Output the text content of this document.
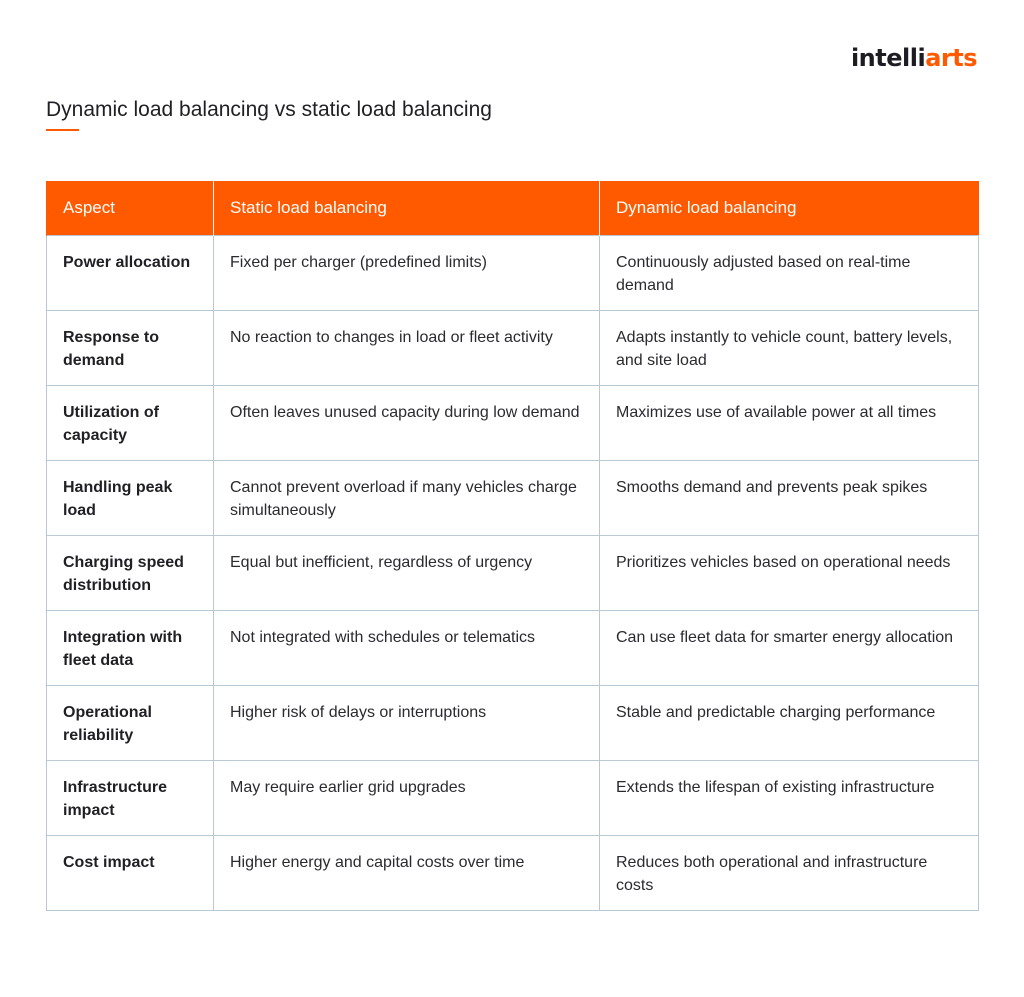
intelliarts
Dynamic load balancing vs static load balancing
Aspect	Static load balancing	Dynamic load balancing
Power allocation	Fixed per charger (predefined limits)	Continuously adjusted based on real-time demand
Response to demand	No reaction to changes in load or fleet activity	Adapts instantly to vehicle count, battery levels, and site load
Utilization of capacity	Often leaves unused capacity during low demand	Maximizes use of available power at all times
Handling peak load	Cannot prevent overload if many vehicles charge simultaneously	Smooths demand and prevents peak spikes
Charging speed distribution	Equal but inefficient, regardless of urgency	Prioritizes vehicles based on operational needs
Integration with fleet data	Not integrated with schedules or telematics	Can use fleet data for smarter energy allocation
Operational reliability	Higher risk of delays or interruptions	Stable and predictable charging performance
Infrastructure impact	May require earlier grid upgrades	Extends the lifespan of existing infrastructure
Cost impact	Higher energy and capital costs over time	Reduces both operational and infrastructure costs
